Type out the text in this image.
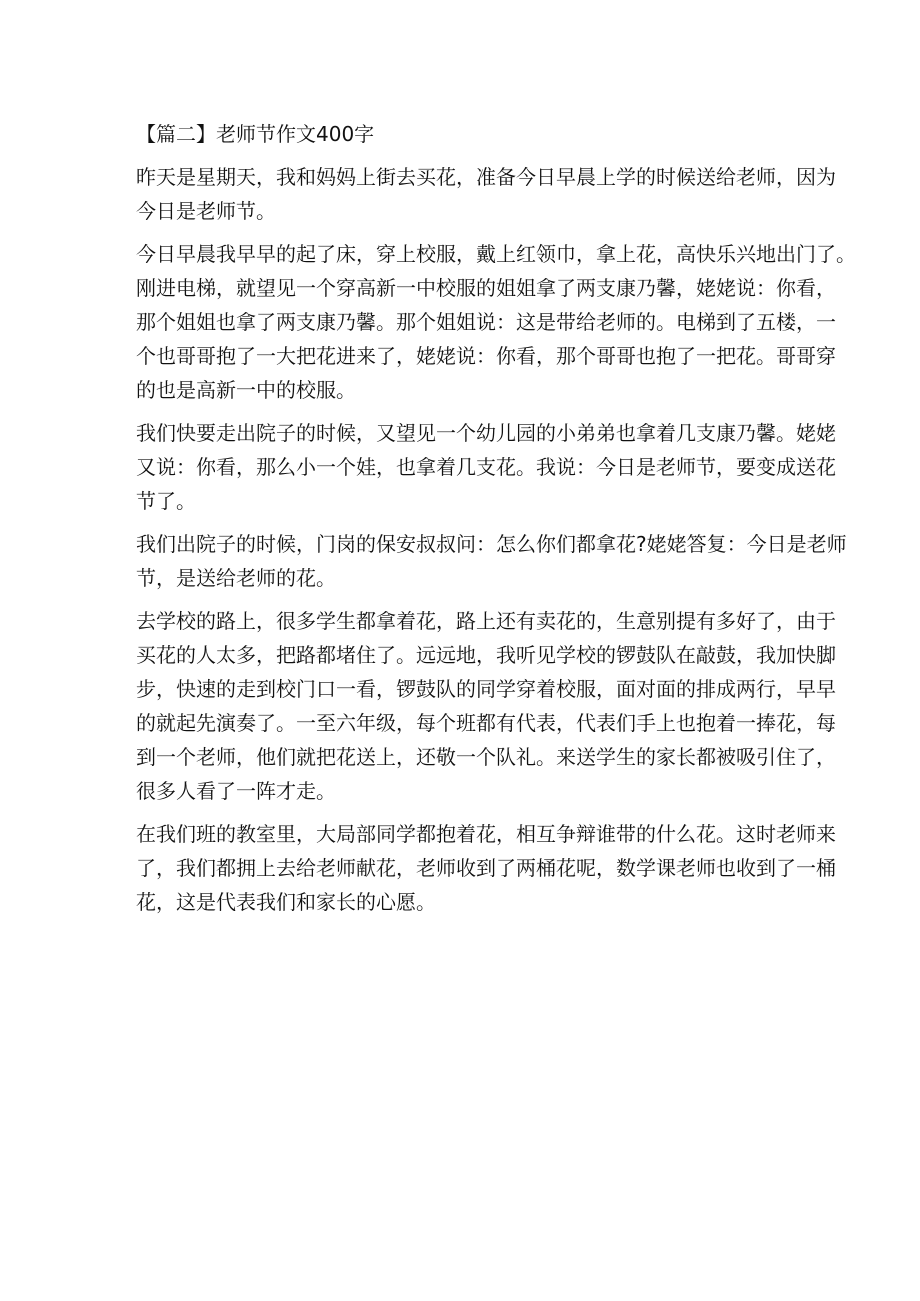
【篇二】老师节作文400字

昨天是星期天，我和妈妈上街去买花，准备今日早晨上学的时候送给老师，因为
今日是老师节。

今日早晨我早早的起了床，穿上校服，戴上红领巾，拿上花，高快乐兴地出门了。
刚进电梯，就望见一个穿高新一中校服的姐姐拿了两支康乃馨，姥姥说：你看，
那个姐姐也拿了两支康乃馨。那个姐姐说：这是带给老师的。电梯到了五楼，一
个也哥哥抱了一大把花进来了，姥姥说：你看，那个哥哥也抱了一把花。哥哥穿
的也是高新一中的校服。

我们快要走出院子的时候，又望见一个幼儿园的小弟弟也拿着几支康乃馨。姥姥
又说：你看，那么小一个娃，也拿着几支花。我说：今日是老师节，要变成送花
节了。

我们出院子的时候，门岗的保安叔叔问：怎么你们都拿花?姥姥答复：今日是老师
节，是送给老师的花。

去学校的路上，很多学生都拿着花，路上还有卖花的，生意别提有多好了，由于
买花的人太多，把路都堵住了。远远地，我听见学校的锣鼓队在敲鼓，我加快脚
步，快速的走到校门口一看，锣鼓队的同学穿着校服，面对面的排成两行，早早
的就起先演奏了。一至六年级，每个班都有代表，代表们手上也抱着一捧花，每
到一个老师，他们就把花送上，还敬一个队礼。来送学生的家长都被吸引住了，
很多人看了一阵才走。

在我们班的教室里，大局部同学都抱着花，相互争辩谁带的什么花。这时老师来
了，我们都拥上去给老师献花，老师收到了两桶花呢，数学课老师也收到了一桶
花，这是代表我们和家长的心愿。
